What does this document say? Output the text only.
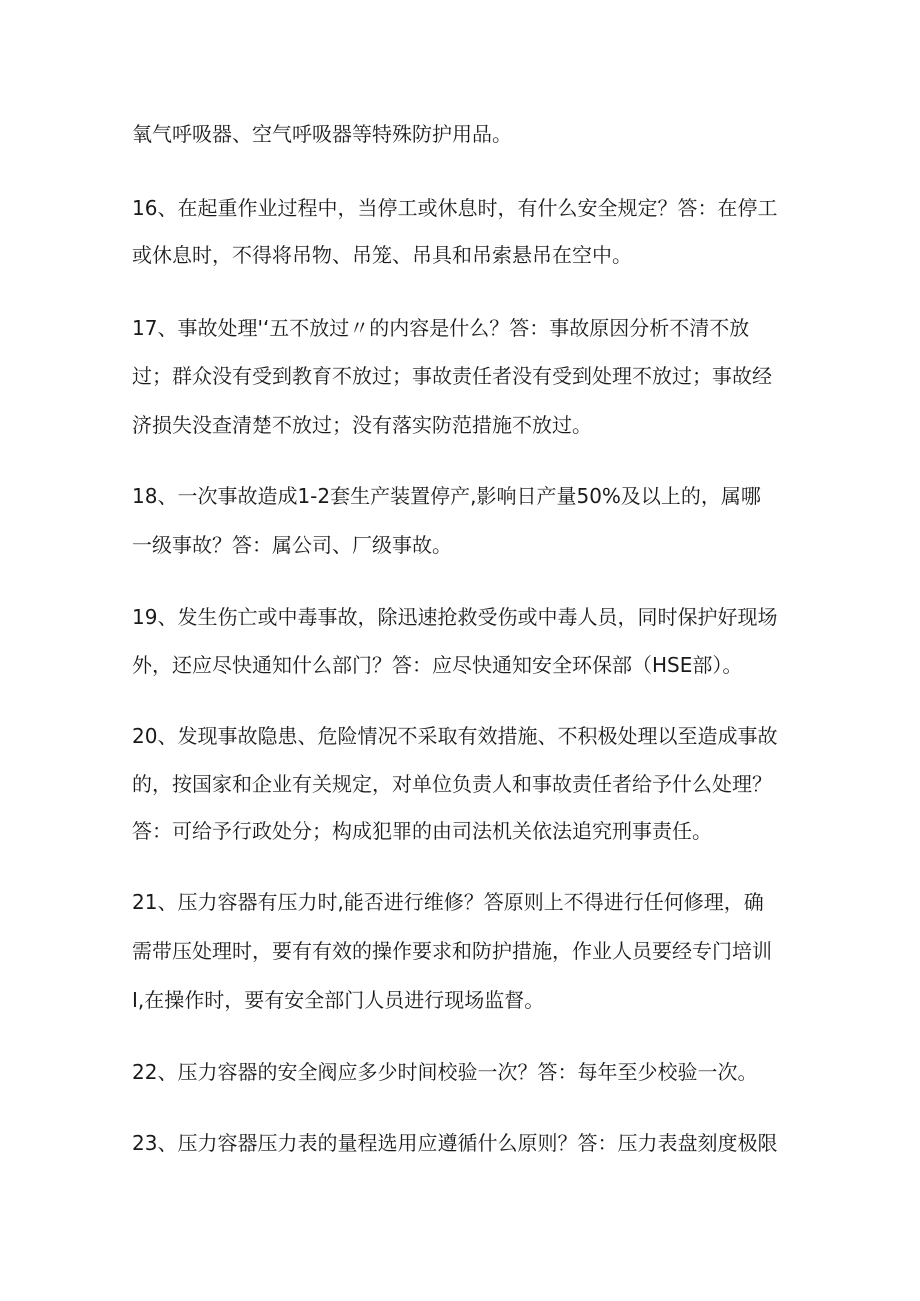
氧气呼吸器、空气呼吸器等特殊防护用品。
16、在起重作业过程中，当停工或休息时，有什么安全规定？答：在停工
或休息时，不得将吊物、吊笼、吊具和吊索悬吊在空中。
17、事故处理'‘五不放过〃的内容是什么？答：事故原因分析不清不放
过；群众没有受到教育不放过；事故责任者没有受到处理不放过；事故经
济损失没查清楚不放过；没有落实防范措施不放过。
18、一次事故造成1-2套生产装置停产,影响日产量50%及以上的，属哪
一级事故？答：属公司、厂级事故。
19、发生伤亡或中毒事故，除迅速抢救受伤或中毒人员，同时保护好现场
外，还应尽快通知什么部门？答：应尽快通知安全环保部（HSE部）。
20、发现事故隐患、危险情况不采取有效措施、不积极处理以至造成事故
的，按国家和企业有关规定，对单位负责人和事故责任者给予什么处理？
答：可给予行政处分；构成犯罪的由司法机关依法追究刑事责任。
21、压力容器有压力时,能否进行维修？答原则上不得进行任何修理，确
需带压处理时，要有有效的操作要求和防护措施，作业人员要经专门培训
I,在操作时，要有安全部门人员进行现场监督。
22、压力容器的安全阀应多少时间校验一次？答：每年至少校验一次。
23、压力容器压力表的量程选用应遵循什么原则？答：压力表盘刻度极限
